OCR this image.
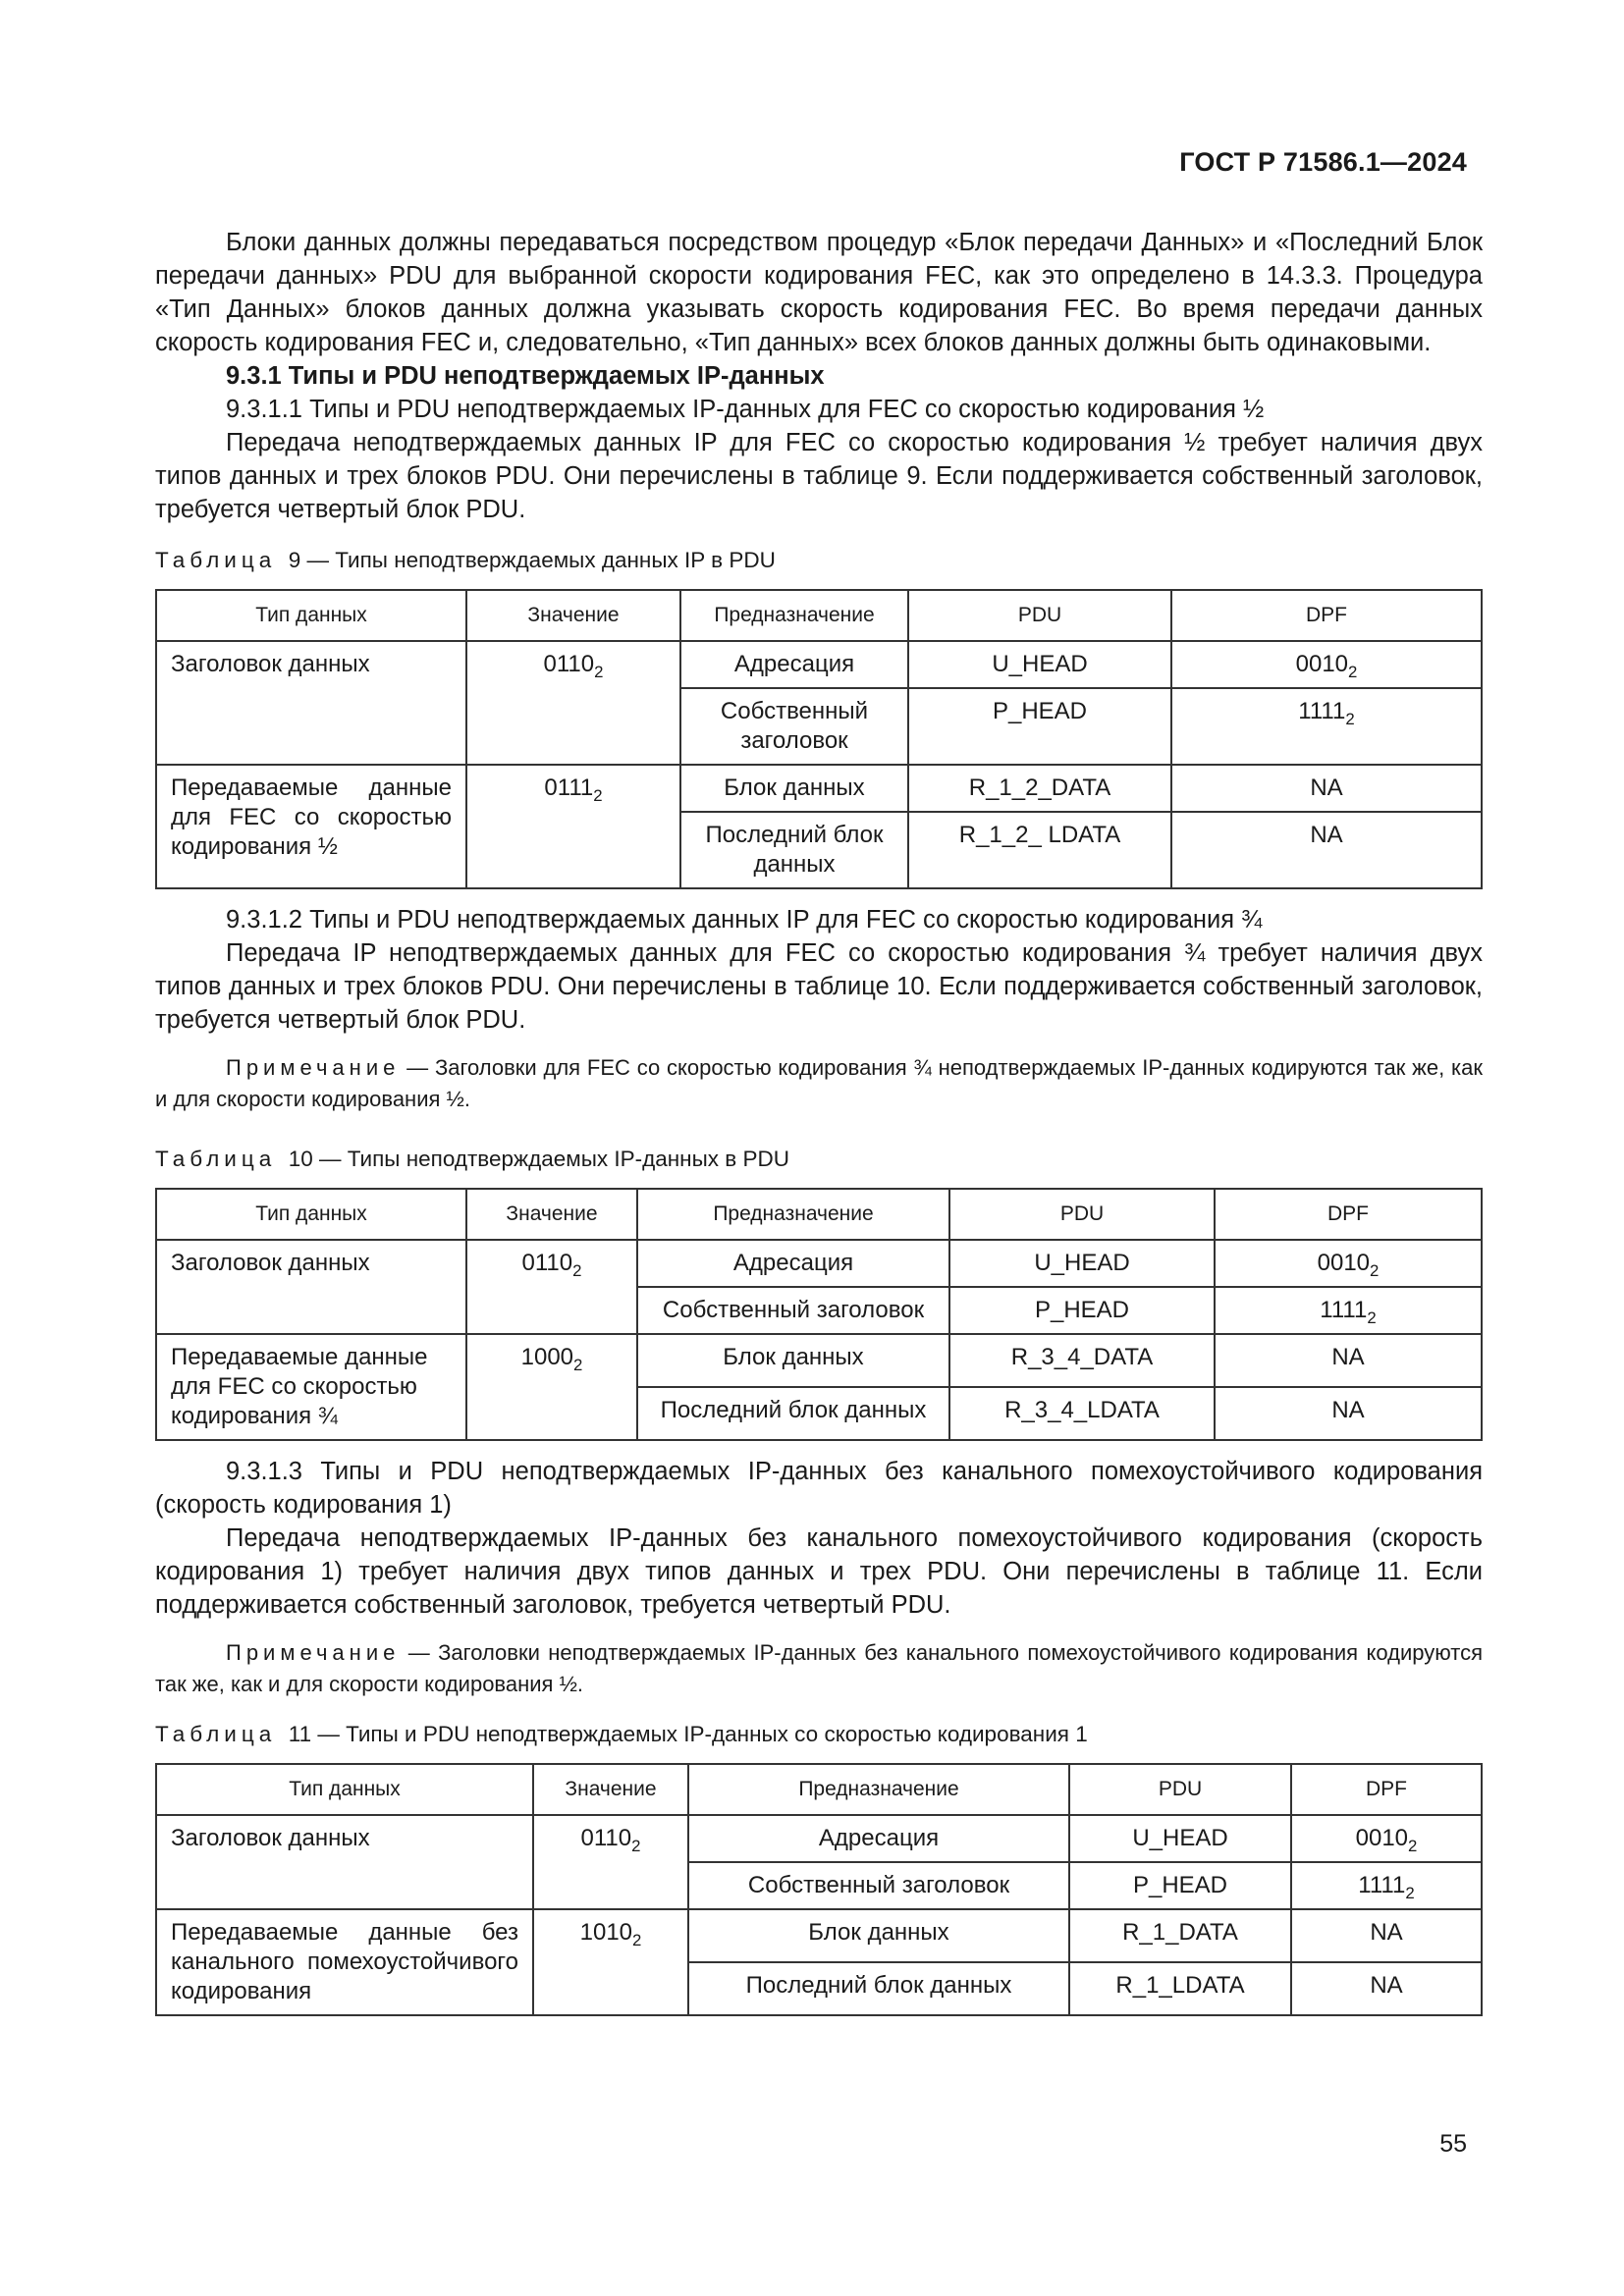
ГОСТ Р 71586.1—2024

Блоки данных должны передаваться посредством процедур «Блок передачи Данных» и «Последний Блок передачи данных» PDU для выбранной скорости кодирования FEC, как это определено в 14.3.3. Процедура «Тип Данных» блоков данных должна указывать скорость кодирования FEC. Во время передачи данных скорость кодирования FEC и, следовательно, «Тип данных» всех блоков данных должны быть одинаковыми.

9.3.1 Типы и PDU неподтверждаемых IP-данных

9.3.1.1 Типы и PDU неподтверждаемых IP-данных для FEC со скоростью кодирования ½

Передача неподтверждаемых данных IP для FEC со скоростью кодирования ½ требует наличия двух типов данных и трех блоков PDU. Они перечислены в таблице 9. Если поддерживается собственный заголовок, требуется четвертый блок PDU.

Таблица 9 — Типы неподтверждаемых данных IP в PDU

Тип данных	Значение	Предназначение	PDU	DPF
Заголовок данных	$0110_2$	Адресация	U_HEAD	$0010_2$
		Собственный заголовок	P_HEAD	$1111_2$
Передаваемые данные для FEC со скоростью кодирования ½	$0111_2$	Блок данных	R_1_2_DATA	NA
		Последний блок данных	R_1_2_ LDATA	NA

9.3.1.2 Типы и PDU неподтверждаемых данных IP для FEC со скоростью кодирования ¾

Передача IP неподтверждаемых данных для FEC со скоростью кодирования ¾ требует наличия двух типов данных и трех блоков PDU. Они перечислены в таблице 10. Если поддерживается собственный заголовок, требуется четвертый блок PDU.

Примечание — Заголовки для FEC со скоростью кодирования ¾ неподтверждаемых IP-данных кодируются так же, как и для скорости кодирования ½.

Таблица 10 — Типы неподтверждаемых IP-данных в PDU

Тип данных	Значение	Предназначение	PDU	DPF
Заголовок данных	$0110_2$	Адресация	U_HEAD	$0010_2$
		Собственный заголовок	P_HEAD	$1111_2$
Передаваемые данные для FEC со скоростью кодирования ¾	$1000_2$	Блок данных	R_3_4_DATA	NA
		Последний блок данных	R_3_4_LDATA	NA

9.3.1.3 Типы и PDU неподтверждаемых IP-данных без канального помехоустойчивого кодирования (скорость кодирования 1)

Передача неподтверждаемых IP-данных без канального помехоустойчивого кодирования (скорость кодирования 1) требует наличия двух типов данных и трех PDU. Они перечислены в таблице 11. Если поддерживается собственный заголовок, требуется четвертый PDU.

Примечание — Заголовки неподтверждаемых IP-данных без канального помехоустойчивого кодирования кодируются так же, как и для скорости кодирования ½.

Таблица 11 — Типы и PDU неподтверждаемых IP-данных со скоростью кодирования 1

Тип данных	Значение	Предназначение	PDU	DPF
Заголовок данных	$0110_2$	Адресация	U_HEAD	$0010_2$
		Собственный заголовок	P_HEAD	$1111_2$
Передаваемые данные без канального помехоустойчивого кодирования	$1010_2$	Блок данных	R_1_DATA	NA
		Последний блок данных	R_1_LDATA	NA
55
